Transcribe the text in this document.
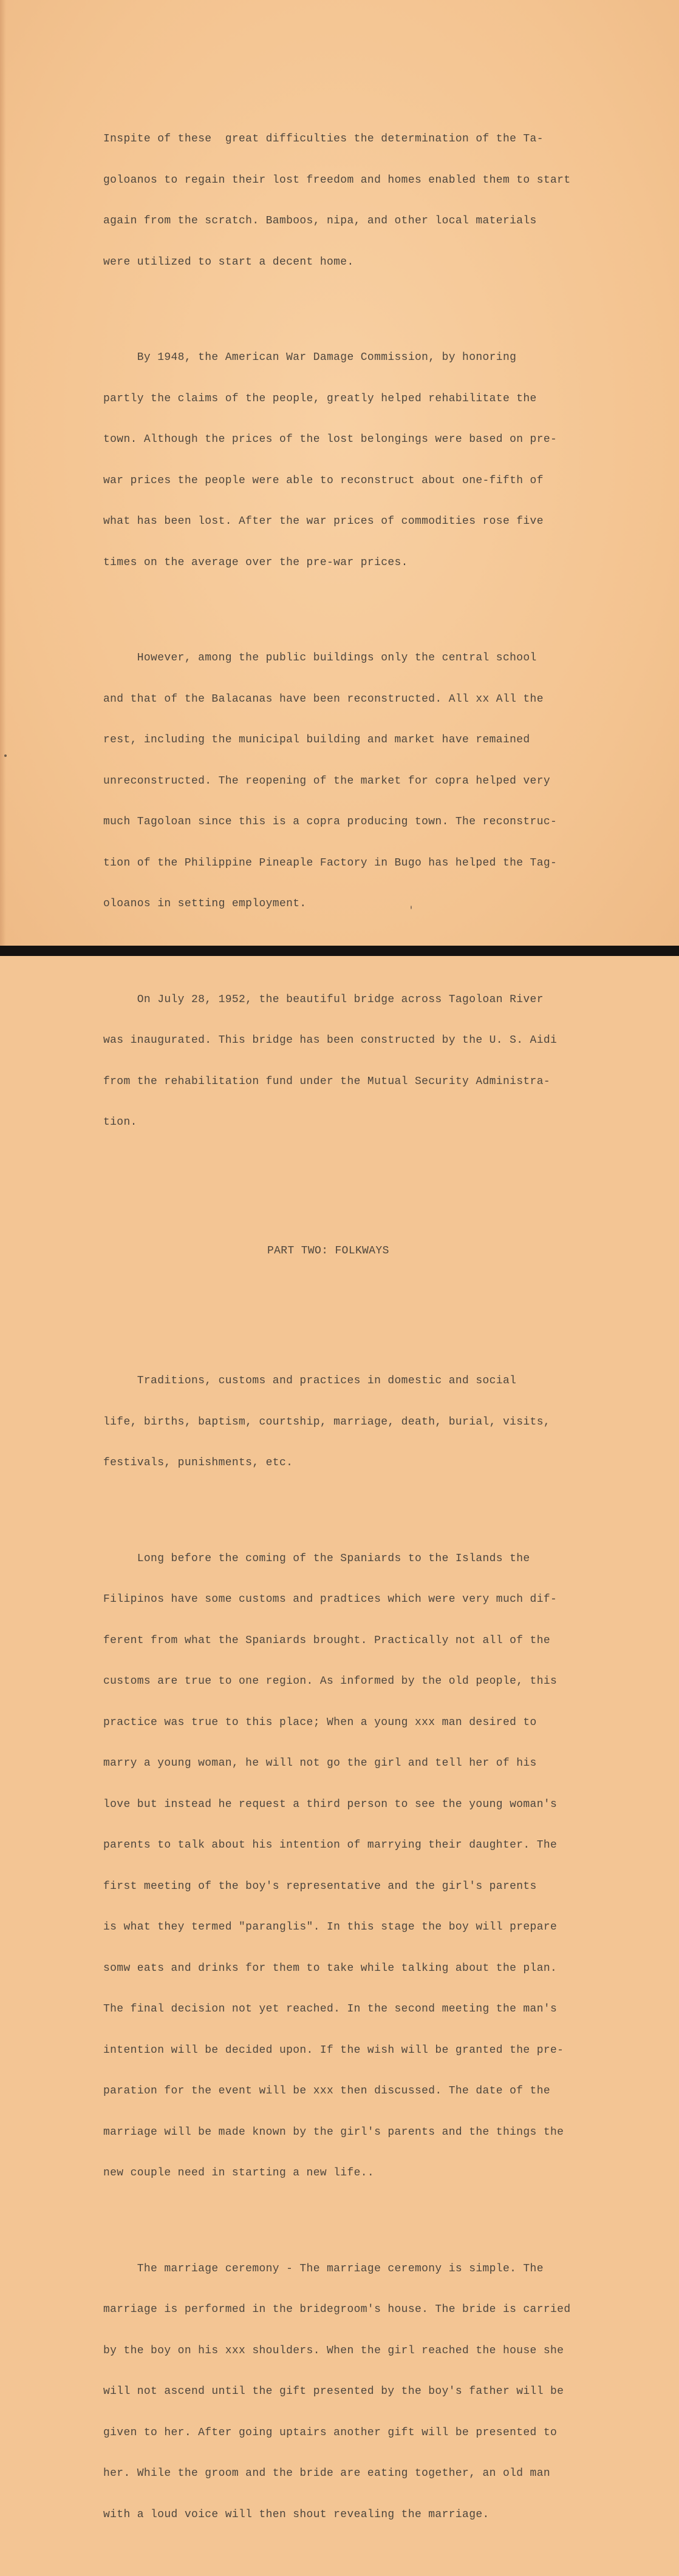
Inspite of these  great difficulties the determination of the Ta-

goloanos to regain their lost freedom and homes enabled them to start

again from the scratch. Bamboos, nipa, and other local materials

were utilized to start a decent home.

By 1948, the American War Damage Commission, by honoring

partly the claims of the people, greatly helped rehabilitate the

town. Although the prices of the lost belongings were based on pre-

war prices the people were able to reconstruct about one-fifth of

what has been lost. After the war prices of commodities rose five

times on the average over the pre-war prices.

However, among the public buildings only the central school

and that of the Balacanas have been reconstructed. All xx All the

rest, including the municipal building and market have remained

unreconstructed. The reopening of the market for copra helped very

much Tagoloan since this is a copra producing town. The reconstruc-

tion of the Philippine Pineaple Factory in Bugo has helped the Tag-

oloanos in setting employment.

On July 28, 1952, the beautiful bridge across Tagoloan River

was inaugurated. This bridge has been constructed by the U. S. Aidi

from the rehabilitation fund under the Mutual Security Administra-

tion.

PART TWO: FOLKWAYS

Traditions, customs and practices in domestic and social

life, births, baptism, courtship, marriage, death, burial, visits,

festivals, punishments, etc.

Long before the coming of the Spaniards to the Islands the

Filipinos have some customs and pradtices which were very much dif-

ferent from what the Spaniards brought. Practically not all of the

customs are true to one region. As informed by the old people, this

practice was true to this place; When a young xxx man desired to

marry a young woman, he will not go the girl and tell her of his

love but instead he request a third person to see the young woman's

parents to talk about his intention of marrying their daughter. The

first meeting of the boy's representative and the girl's parents

is what they termed "paranglis". In this stage the boy will prepare

somw eats and drinks for them to take while talking about the plan.

The final decision not yet reached. In the second meeting the man's

intention will be decided upon. If the wish will be granted the pre-

paration for the event will be xxx then discussed. The date of the

marriage will be made known by the girl's parents and the things the

new couple need in starting a new life..

The marriage ceremony - The marriage ceremony is simple. The

marriage is performed in the bridegroom's house. The bride is carried

by the boy on his xxx shoulders. When the girl reached the house she

will not ascend until the gift presented by the boy's father will be

given to her. After going uptairs another gift will be presented to

her. While the groom and the bride are eating together, an old man

with a loud voice will then shout revealing the marriage.
